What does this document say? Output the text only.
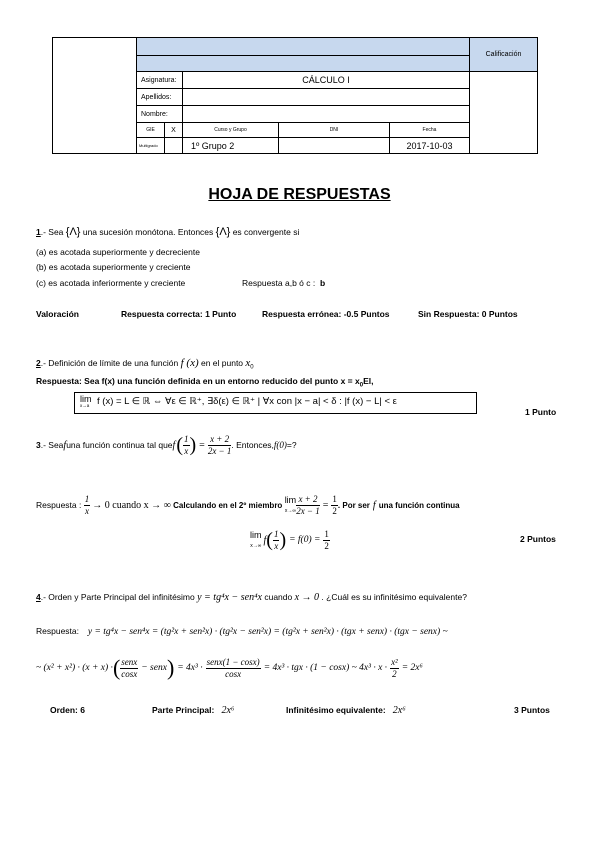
						Calificación

	Asignatura:		CÁLCULO I			
	Apellidos:					
	Nombre:					
	GIE	X	Curso y Grupo	DNI	Fecha	
	Multigrado		1º Grupo 2		2017-10-03	
HOJA DE RESPUESTAS
1.- Sea {Λ} una sucesión monótona. Entonces {Λ} es convergente si
(a) es acotada superiormente y decreciente
(b) es acotada superiormente y creciente
(c) es acotada inferiormente y creciente	Respuesta a,b ó c : b
Valoración	Respuesta correcta: 1 Punto	Respuesta errónea: -0.5 Puntos	Sin Respuesta: 0 Puntos
2.- Definición de límite de una función f (x) en el punto $x_0$
Respuesta: Sea f(x) una función definida en un entorno reducido del punto $x = x_0El$,
lim
x→a f (x) = L ∈ ℝ ⇔ ∀ε ∈ ℝ⁺, ∃δ(ε) ∈ ℝ⁺ | ∀x con |x − a| < δ : |f (x) − L| < ε
1 Punto
3 .- Sea f una función continua tal que f ( $\frac{1}{x}$ ) = $\frac{x + 2}{2x - 1}$ . Entonces, f(0) =?
Respuesta :
$\frac{1}{x} \to 0$ cuando x → ∞
Calculando en el 2º miembro
lim
$x\to\infty \frac{x + 2}{2x - 1} = \frac{1}{2}$ . Por ser f una función continua
lim
x→∞
f ( $\frac{1}{x}$ ) = $f(0) = \frac{1}{2}$	2 Puntos
4.- Orden y Parte Principal del infinitésimo y = tg⁴x − sen⁴x cuando x → 0 . ¿Cuál es su infinitésimo equivalente?
Respuesta: y = tg⁴x − sen⁴x = (tg²x + sen²x) · (tg²x − sen²x) = (tg²x + sen²x) · (tgx + senx) · (tgx − senx) ~
~ (x² + x²) · (x + x) · ( $\frac{\text{senx}}{\cos x}$ − senx ) = $4x^3 \cdot \frac{\text{senx(1 − cosx)}}{\cos x} = 4x^3$ · tgx · (1 − cosx) ~ $4x^3 \cdot x \cdot \frac{\text{x²}}{2} = 2x^6$
Orden: 6	Parte Principal: 2x⁶	Infinitésimo equivalente: 2x⁶	3 Puntos
